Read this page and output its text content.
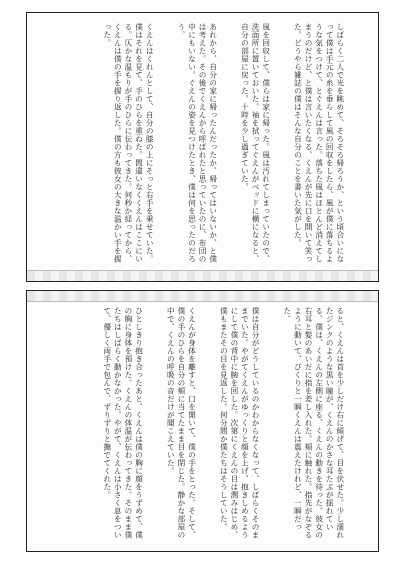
しばらく二人で光を眺めて、そろそろ帰ろうか、という頃合いになって僕は手元の糸を垂らして風の回収をしたら、風が僕に落ちるような気をつけて、とぐえんは言った。落ちた風はほとんど消えてしまうのだけど、と僕は言いたくなる、くえんが先に口を開いて笑った。どうやら雑誌の僕はそんな自分のことを書いた気がした。

風を回収して、僕らは家に帰った。風は汚れてしまっていたので、洗面所に置いておいた。袖を拭ってぐえんがベッドに横になると、自分の部屋に戻った。十時を少し過ぎていた。

あれから、自分の家に帰ったんだったか、帰ってはいないか、と僕は考えた。その後でくえんから呼ばれたと思っていたのに、布団の中にもいない。ぐえんの姿を見つけたとき、僕は何を思ったのだろう。

くえんはくれんとして、自分の膝の上にそっと右手を乗せていた。僕はそれを見て、手のひらを重ねた。間違いなくくえんはここにいる。仄かな温もりが手のひらに伝わってきた。何秒か経ってから、くえんは僕の手を握り返した。僕の方も彼女の大きな温かい手を握った。

ると、くえんは首を少しだけ右に傾げて、目を伏せた。少し濡れたジンクのような黒い瞳が、くえんのかさな耳たぶが揺れている。僕は、くえんの左側に座る、くえんの動きを待った。彼女の右耳と髪のあいだに指を差し入れた。頬に触れた。指先がなぞるように動いて、ぴくりと一瞬くえんは震えたけれど、一瞬だった。

僕は自分がどうしているのかわからなくなって、しばらくそのままでいた。やがてくえんがゆっくりと顔を上げ、抱きしめるようにして僕の背中に腕を回した。次第にくえんの目は潤みはじめ、僕もまたその目を見返した。何分間か僕たちはそうしていた。

くえんが身体を離すと、口を開いて、僕の手をとった。そして、僕の手のひらを自分の頬に当てたまま目を閉じた。静かな部屋の中で、くえんの呼吸の音だけが聞こえていた。

ひとしきり抱き合ったあと、くえんは僕の胸に顔をうずめて、僕の胸に身体を預けた。くえんの体温が伝わってきた。そのまま僕たちはしばらく動かなかった。やがて、くえんは小さく息をついて、優しく両手で包んで、ずりずりと撫でてくれた。
